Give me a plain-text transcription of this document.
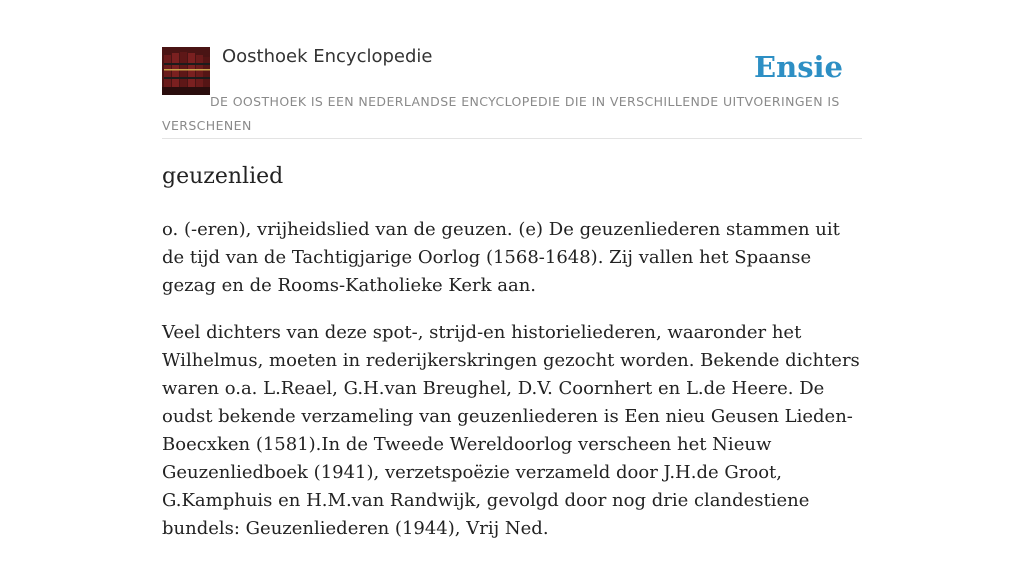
Oosthoek Encyclopedie	Ensie
DE OOSTHOEK IS EEN NEDERLANDSE ENCYCLOPEDIE DIE IN VERSCHILLENDE UITVOERINGEN IS VERSCHENEN
geuzenlied

o. (-eren), vrijheidslied van de geuzen. (e) De geuzenliederen stammen uit de tijd van de Tachtigjarige Oorlog (1568-1648). Zij vallen het Spaanse gezag en de Rooms-Katholieke Kerk aan.

Veel dichters van deze spot-, strijd-en historieliederen, waaronder het Wilhelmus, moeten in rederijkerskringen gezocht worden. Bekende dichters waren o.a. L.Reael, G.H.van Breughel, D.V. Coornhert en L.de Heere. De oudst bekende verzameling van geuzenliederen is Een nieu Geusen Lieden-Boecxken (1581).In de Tweede Wereldoorlog verscheen het Nieuw Geuzenliedboek (1941), verzetspoëzie verzameld door J.H.de Groot, G.Kamphuis en H.M.van Randwijk, gevolgd door nog drie clandestiene bundels: Geuzenliederen (1944), Vrij Ned.
